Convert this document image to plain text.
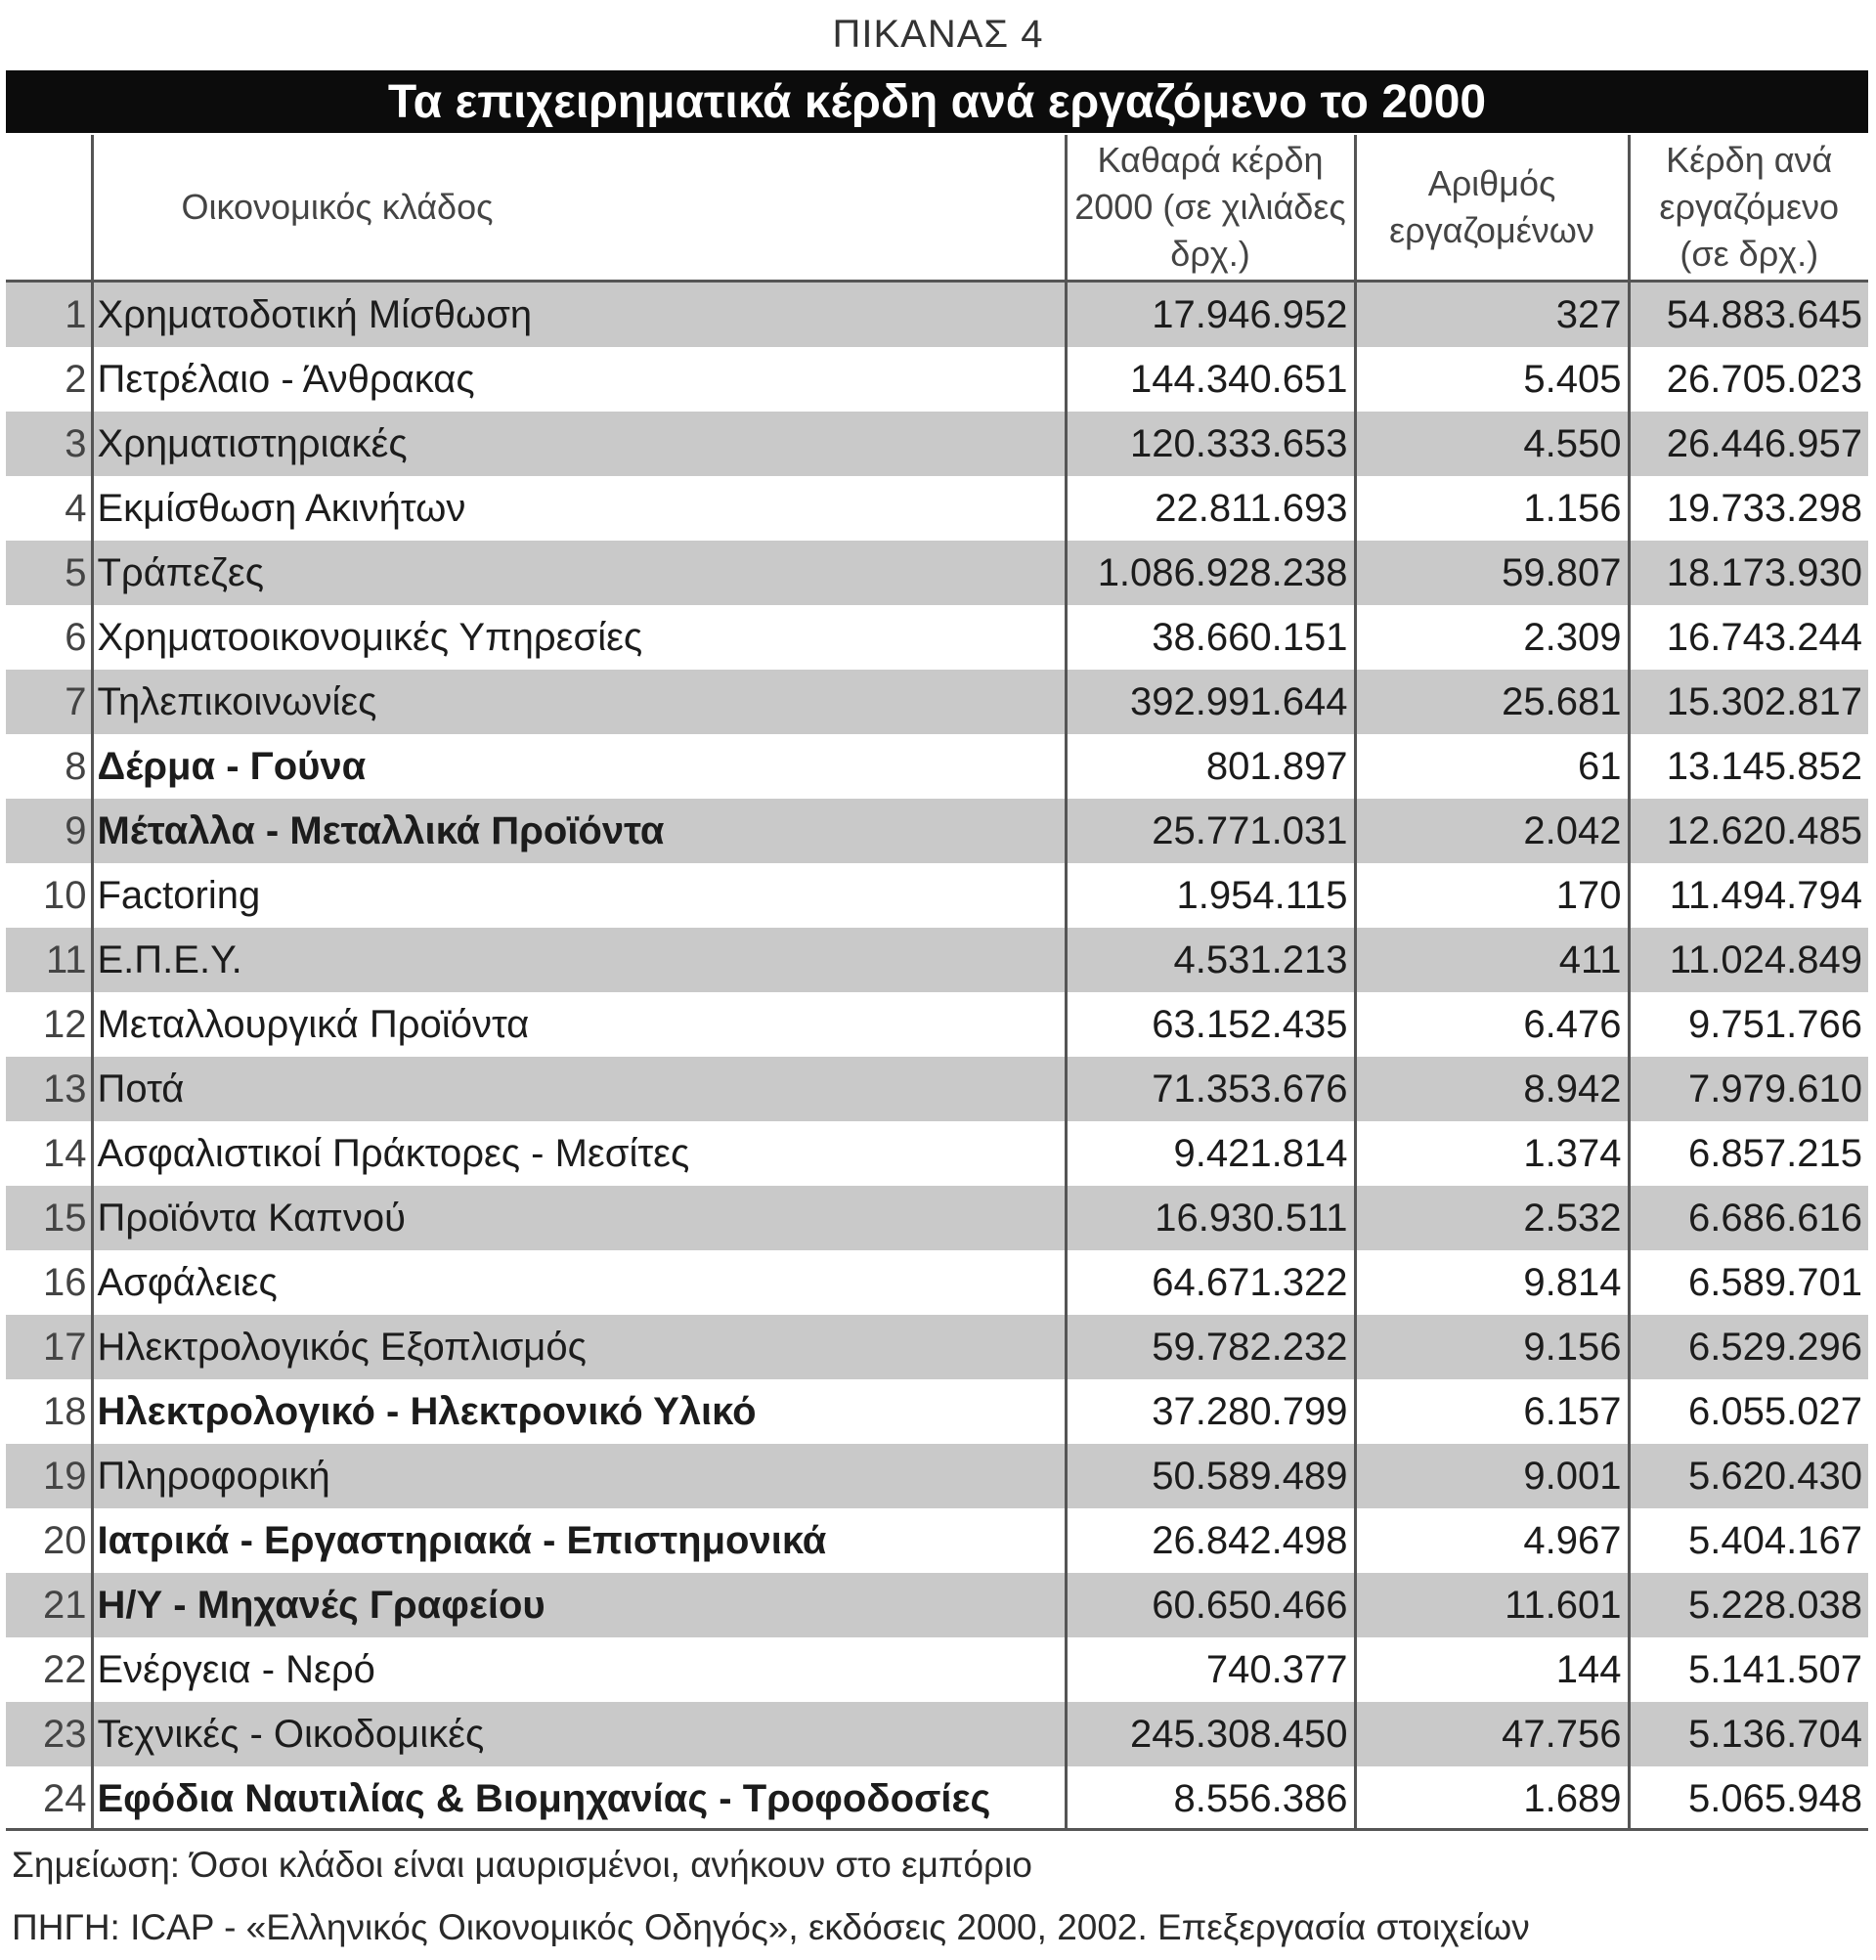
ΠΙΚΑΝΑΣ 4
Τα επιχειρηματικά κέρδη ανά εργαζόμενο το 2000
	Οικονομικός κλάδος	Καθαρά κέρδη 2000 (σε χιλιάδες δρχ.)	Αριθμός εργαζομένων	Κέρδη ανά εργαζόμενο (σε δρχ.)
1	Χρηματοδοτική Μίσθωση	17.946.952	327	54.883.645
2	Πετρέλαιο - Άνθρακας	144.340.651	5.405	26.705.023
3	Χρηματιστηριακές	120.333.653	4.550	26.446.957
4	Εκμίσθωση Ακινήτων	22.811.693	1.156	19.733.298
5	Τράπεζες	1.086.928.238	59.807	18.173.930
6	Χρηματοοικονομικές Υπηρεσίες	38.660.151	2.309	16.743.244
7	Τηλεπικοινωνίες	392.991.644	25.681	15.302.817
8	Δέρμα - Γούνα	801.897	61	13.145.852
9	Μέταλλα - Μεταλλικά Προϊόντα	25.771.031	2.042	12.620.485
10	Factoring	1.954.115	170	11.494.794
11	Ε.Π.Ε.Υ.	4.531.213	411	11.024.849
12	Μεταλλουργικά Προϊόντα	63.152.435	6.476	9.751.766
13	Ποτά	71.353.676	8.942	7.979.610
14	Ασφαλιστικοί Πράκτορες - Μεσίτες	9.421.814	1.374	6.857.215
15	Προϊόντα Καπνού	16.930.511	2.532	6.686.616
16	Ασφάλειες	64.671.322	9.814	6.589.701
17	Ηλεκτρολογικός Εξοπλισμός	59.782.232	9.156	6.529.296
18	Ηλεκτρολογικό - Ηλεκτρονικό Υλικό	37.280.799	6.157	6.055.027
19	Πληροφορική	50.589.489	9.001	5.620.430
20	Ιατρικά - Εργαστηριακά - Επιστημονικά	26.842.498	4.967	5.404.167
21	Η/Υ - Μηχανές Γραφείου	60.650.466	11.601	5.228.038
22	Ενέργεια - Νερό	740.377	144	5.141.507
23	Τεχνικές - Οικοδομικές	245.308.450	47.756	5.136.704
24	Εφόδια Ναυτιλίας & Βιομηχανίας - Τροφοδοσίες	8.556.386	1.689	5.065.948
Σημείωση: Όσοι κλάδοι είναι μαυρισμένοι, ανήκουν στο εμπόριο
ΠΗΓΗ: ICAP - «Ελληνικός Οικονομικός Οδηγός», εκδόσεις 2000, 2002. Επεξεργασία στοιχείων
